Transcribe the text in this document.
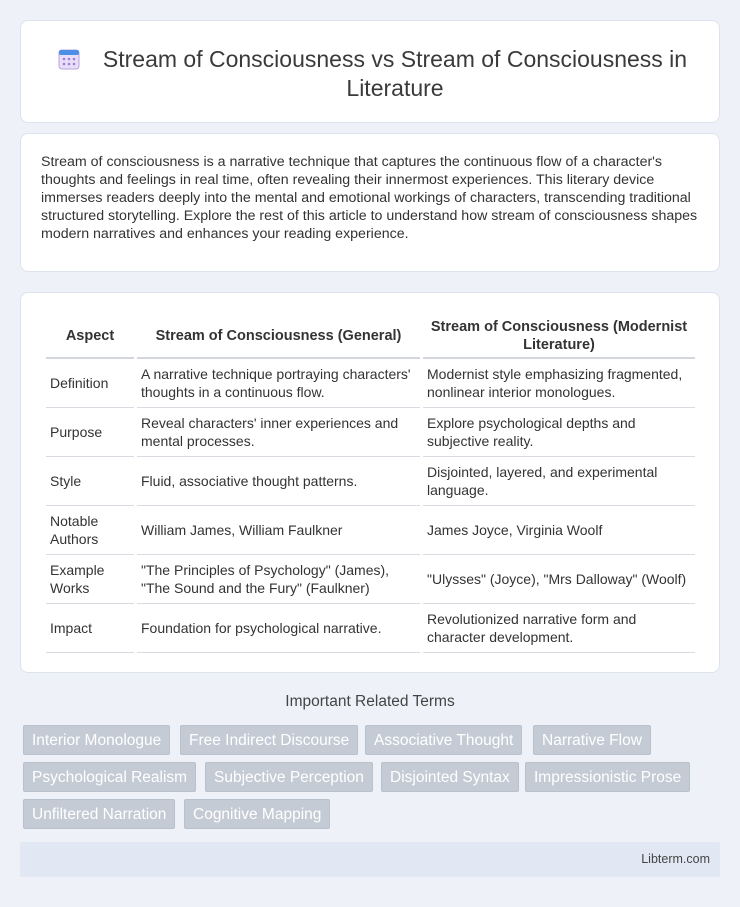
Stream of Consciousness vs Stream of Consciousness in Literature

Stream of consciousness is a narrative technique that captures the continuous flow of a character's thoughts and feelings in real time, often revealing their innermost experiences. This literary device immerses readers deeply into the mental and emotional workings of characters, transcending traditional structured storytelling. Explore the rest of this article to understand how stream of consciousness shapes modern narratives and enhances your reading experience.

Aspect	Stream of Consciousness (General)	Stream of Consciousness (Modernist Literature)
Definition	A narrative technique portraying characters' thoughts in a continuous flow.	Modernist style emphasizing fragmented, nonlinear interior monologues.
Purpose	Reveal characters' inner experiences and mental processes.	Explore psychological depths and subjective reality.
Style	Fluid, associative thought patterns.	Disjointed, layered, and experimental language.
Notable Authors	William James, William Faulkner	James Joyce, Virginia Woolf
Example Works	"The Principles of Psychology" (James), "The Sound and the Fury" (Faulkner)	"Ulysses" (Joyce), "Mrs Dalloway" (Woolf)
Impact	Foundation for psychological narrative.	Revolutionized narrative form and character development.
Important Related Terms
Interior Monologue	Free Indirect Discourse	Associative Thought	Narrative Flow
Psychological Realism	Subjective Perception	Disjointed Syntax	Impressionistic Prose
Unfiltered Narration	Cognitive Mapping
Libterm.com
